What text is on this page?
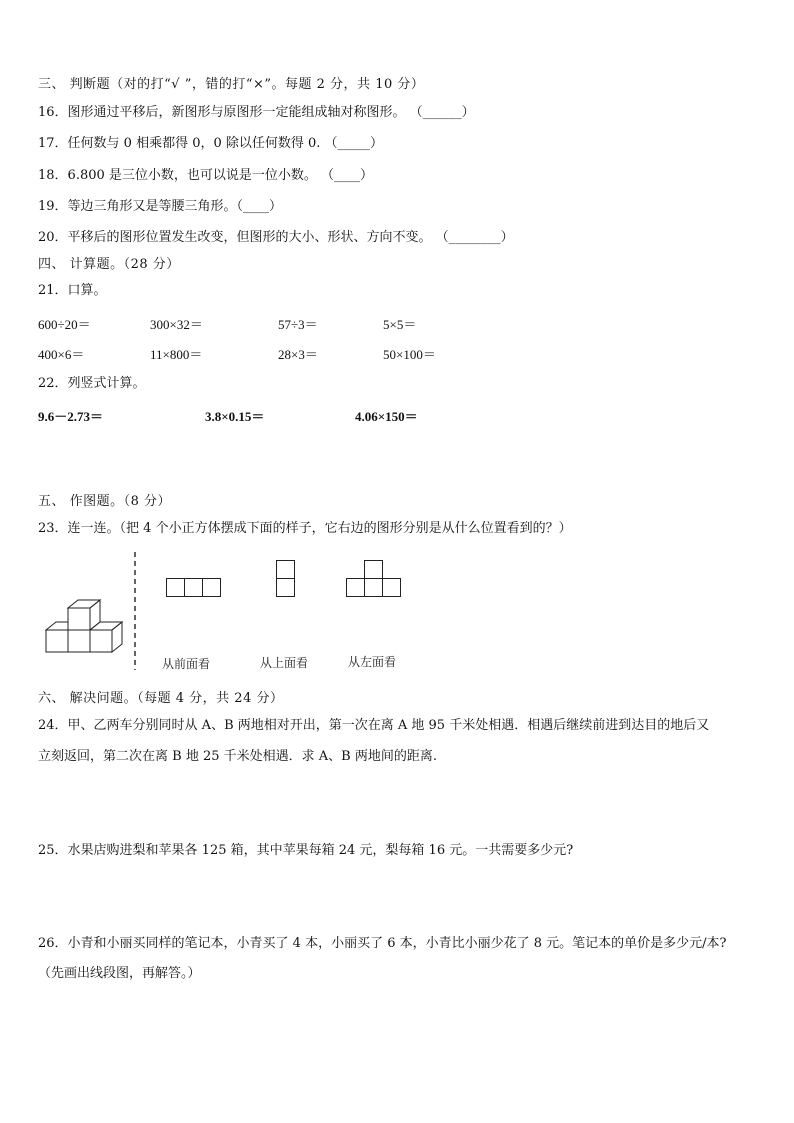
三、 判断题（对的打“√ ”，错的打“×”。每题 2 分，共 10 分）
16．图形通过平移后，新图形与原图形一定能组成轴对称图形。 （______）
17．任何数与 0 相乘都得 0，0 除以任何数得 0. （_____）
18．6.800 是三位小数，也可以说是一位小数。 （____）
19．等边三角形又是等腰三角形。（____）
20．平移后的图形位置发生改变，但图形的大小、形状、方向不变。 （________）
四、 计算题。（28 分）
21．口算。
600÷20＝	300×32＝	57÷3＝	5×5＝
400×6＝	11×800＝	28×3＝	50×100＝
22．列竖式计算。
9.6－2.73＝	3.8×0.15＝	4.06×150＝
五、 作图题。（8 分）
23．连一连。（把 4 个小正方体摆成下面的样子，它右边的图形分别是从什么位置看到的？）
从前面看	从上面看	从左面看
六、 解决问题。（每题 4 分，共 24 分）
24．甲、乙两车分别同时从 A、B 两地相对开出，第一次在离 A 地 95 千米处相遇．相遇后继续前进到达目的地后又
立刻返回，第二次在离 B 地 25 千米处相遇．求 A、B 两地间的距离.
25．水果店购进梨和苹果各 125 箱，其中苹果每箱 24 元，梨每箱 16 元。一共需要多少元?
26．小青和小丽买同样的笔记本，小青买了 4 本，小丽买了 6 本，小青比小丽少花了 8 元。笔记本的单价是多少元/本?
（先画出线段图，再解答。）
